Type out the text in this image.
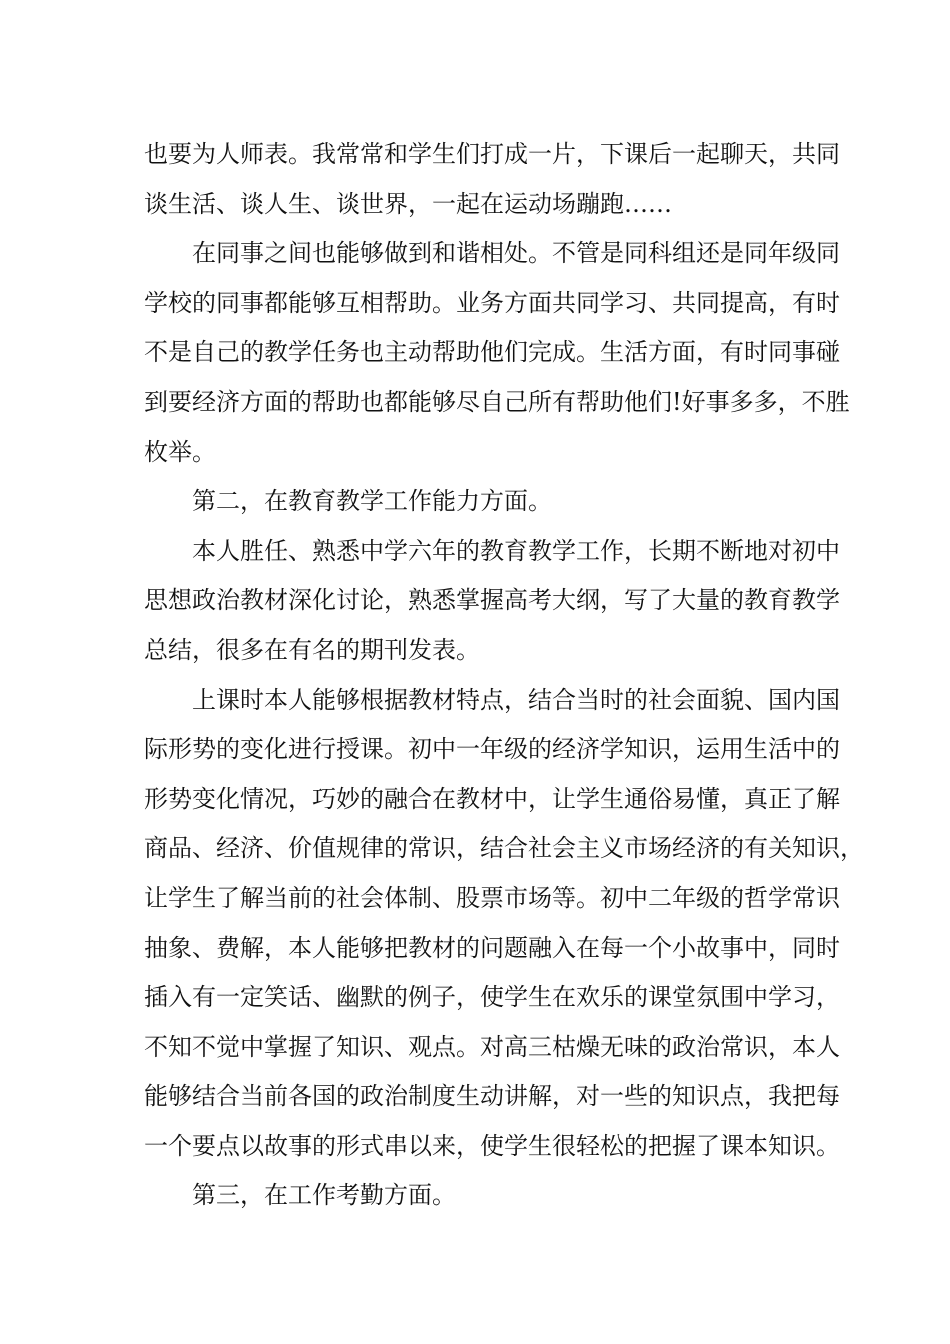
也要为人师表。我常常和学生们打成一片，下课后一起聊天，共同
谈生活、谈人生、谈世界，一起在运动场蹦跑……
在同事之间也能够做到和谐相处。不管是同科组还是同年级同
学校的同事都能够互相帮助。业务方面共同学习、共同提高，有时
不是自己的教学任务也主动帮助他们完成。生活方面，有时同事碰
到要经济方面的帮助也都能够尽自己所有帮助他们!好事多多，不胜
枚举。
第二，在教育教学工作能力方面。
本人胜任、熟悉中学六年的教育教学工作，长期不断地对初中
思想政治教材深化讨论，熟悉掌握高考大纲，写了大量的教育教学
总结，很多在有名的期刊发表。
上课时本人能够根据教材特点，结合当时的社会面貌、国内国
际形势的变化进行授课。初中一年级的经济学知识，运用生活中的
形势变化情况，巧妙的融合在教材中，让学生通俗易懂，真正了解
商品、经济、价值规律的常识，结合社会主义市场经济的有关知识，
让学生了解当前的社会体制、股票市场等。初中二年级的哲学常识
抽象、费解，本人能够把教材的问题融入在每一个小故事中，同时
插入有一定笑话、幽默的例子，使学生在欢乐的课堂氛围中学习，
不知不觉中掌握了知识、观点。对高三枯燥无味的政治常识，本人
能够结合当前各国的政治制度生动讲解，对一些的知识点，我把每
一个要点以故事的形式串以来，使学生很轻松的把握了课本知识。
第三，在工作考勤方面。
